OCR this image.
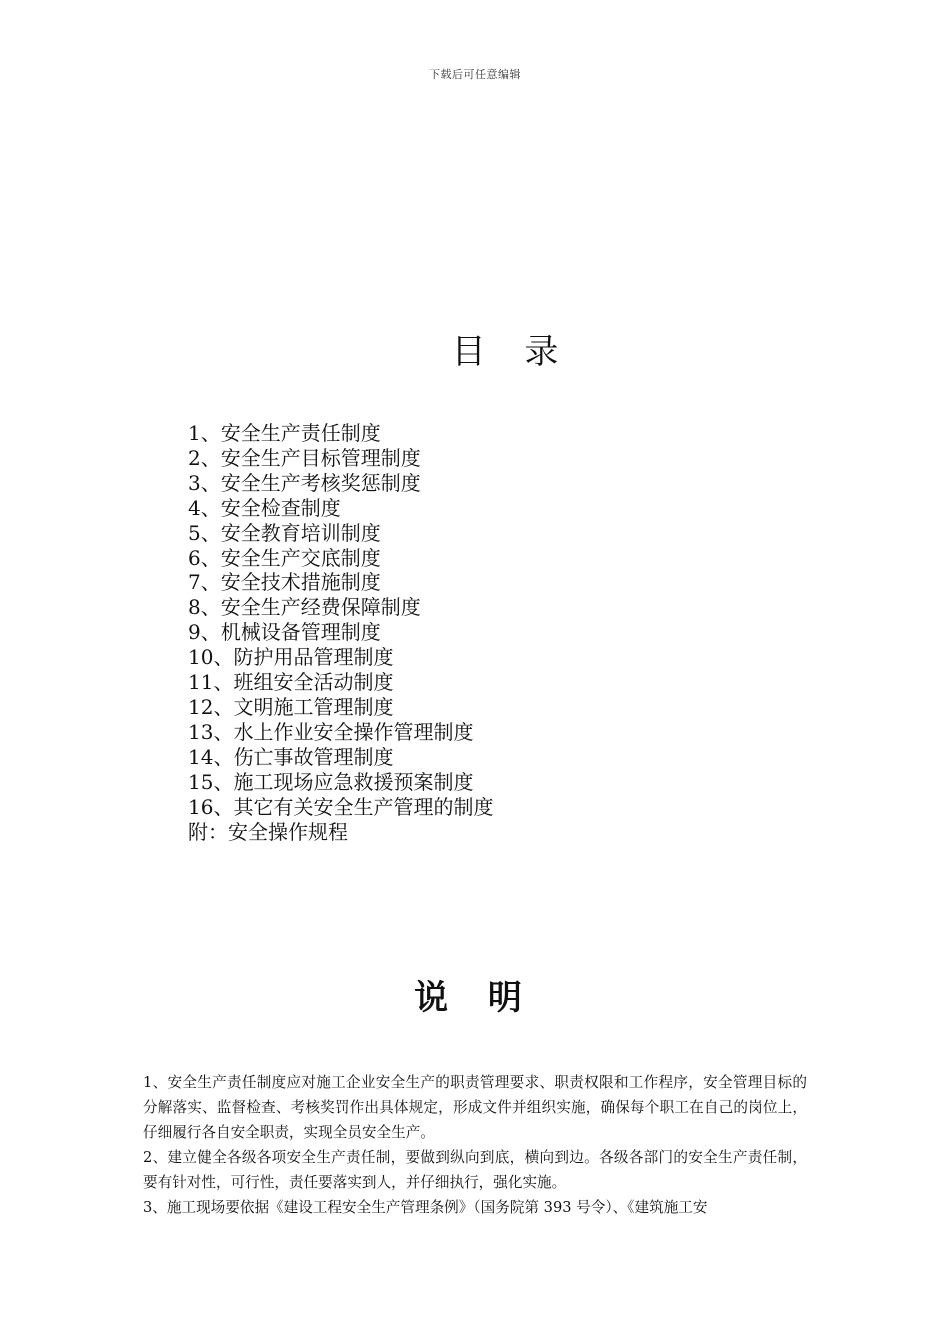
下载后可任意编辑
目 录
1、安全生产责任制度
2、安全生产目标管理制度
3、安全生产考核奖惩制度
4、安全检查制度
5、安全教育培训制度
6、安全生产交底制度
7、安全技术措施制度
8、安全生产经费保障制度
9、机械设备管理制度
10、防护用品管理制度
11、班组安全活动制度
12、文明施工管理制度
13、水上作业安全操作管理制度
14、伤亡事故管理制度
15、施工现场应急救援预案制度
16、其它有关安全生产管理的制度
附：安全操作规程
说 明

1、安全生产责任制度应对施工企业安全生产的职责管理要求、职责权限和工作程序，安全管理目标的分解落实、监督检查、考核奖罚作出具体规定，形成文件并组织实施，确保每个职工在自己的岗位上，仔细履行各自安全职责，实现全员安全生产。

2、建立健全各级各项安全生产责任制，要做到纵向到底，横向到边。各级各部门的安全生产责任制，要有针对性，可行性，责任要落实到人，并仔细执行，强化实施。

3、施工现场要依据《建设工程安全生产管理条例》（国务院第 393 号令）、《建筑施工安
